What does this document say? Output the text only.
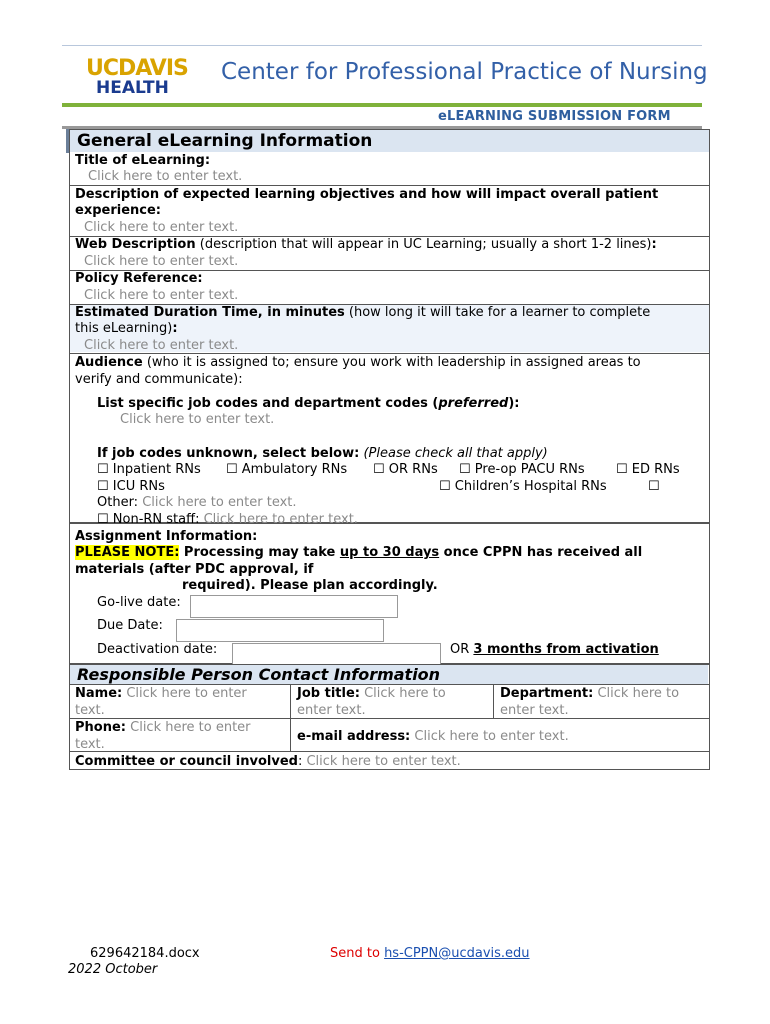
UCDAVIS
HEALTH
Center for Professional Practice of Nursing
eLEARNING SUBMISSION FORM
General eLearning Information
Title of eLearning:
Click here to enter text.
Description of expected learning objectives and how will impact overall patient
experience:
Click here to enter text.
Web Description (description that will appear in UC Learning; usually a short 1-2 lines):
Click here to enter text.
Policy Reference:
Click here to enter text.
Estimated Duration Time, in minutes (how long it will take for a learner to complete
this eLearning):
Click here to enter text.
Audience (who it is assigned to; ensure you work with leadership in assigned areas to
verify and communicate):
List specific job codes and department codes (preferred):
Click here to enter text.
If job codes unknown, select below: (Please check all that apply)
☐ Inpatient RNs ☐ Ambulatory RNs ☐ OR RNs ☐ Pre-op PACU RNs ☐ ED RNs
☐ ICU RNs	☐ Children’s Hospital RNs	☐
Other: Click here to enter text.
☐ Non-RN staff: Click here to enter text.
Assignment Information:
PLEASE NOTE: Processing may take up to 30 days once CPPN has received all
materials (after PDC approval, if
required). Please plan accordingly.
Go-live date:
Due Date:
Deactivation date:	OR 3 months from activation
Responsible Person Contact Information
Name: Click here to enter
text.
Job title: Click here to
enter text.
Department: Click here to
enter text.
Phone: Click here to enter
text.
e-mail address: Click here to enter text.
Committee or council involved: Click here to enter text.
629642184.docx
2022 October
Send to hs-CPPN@ucdavis.edu
